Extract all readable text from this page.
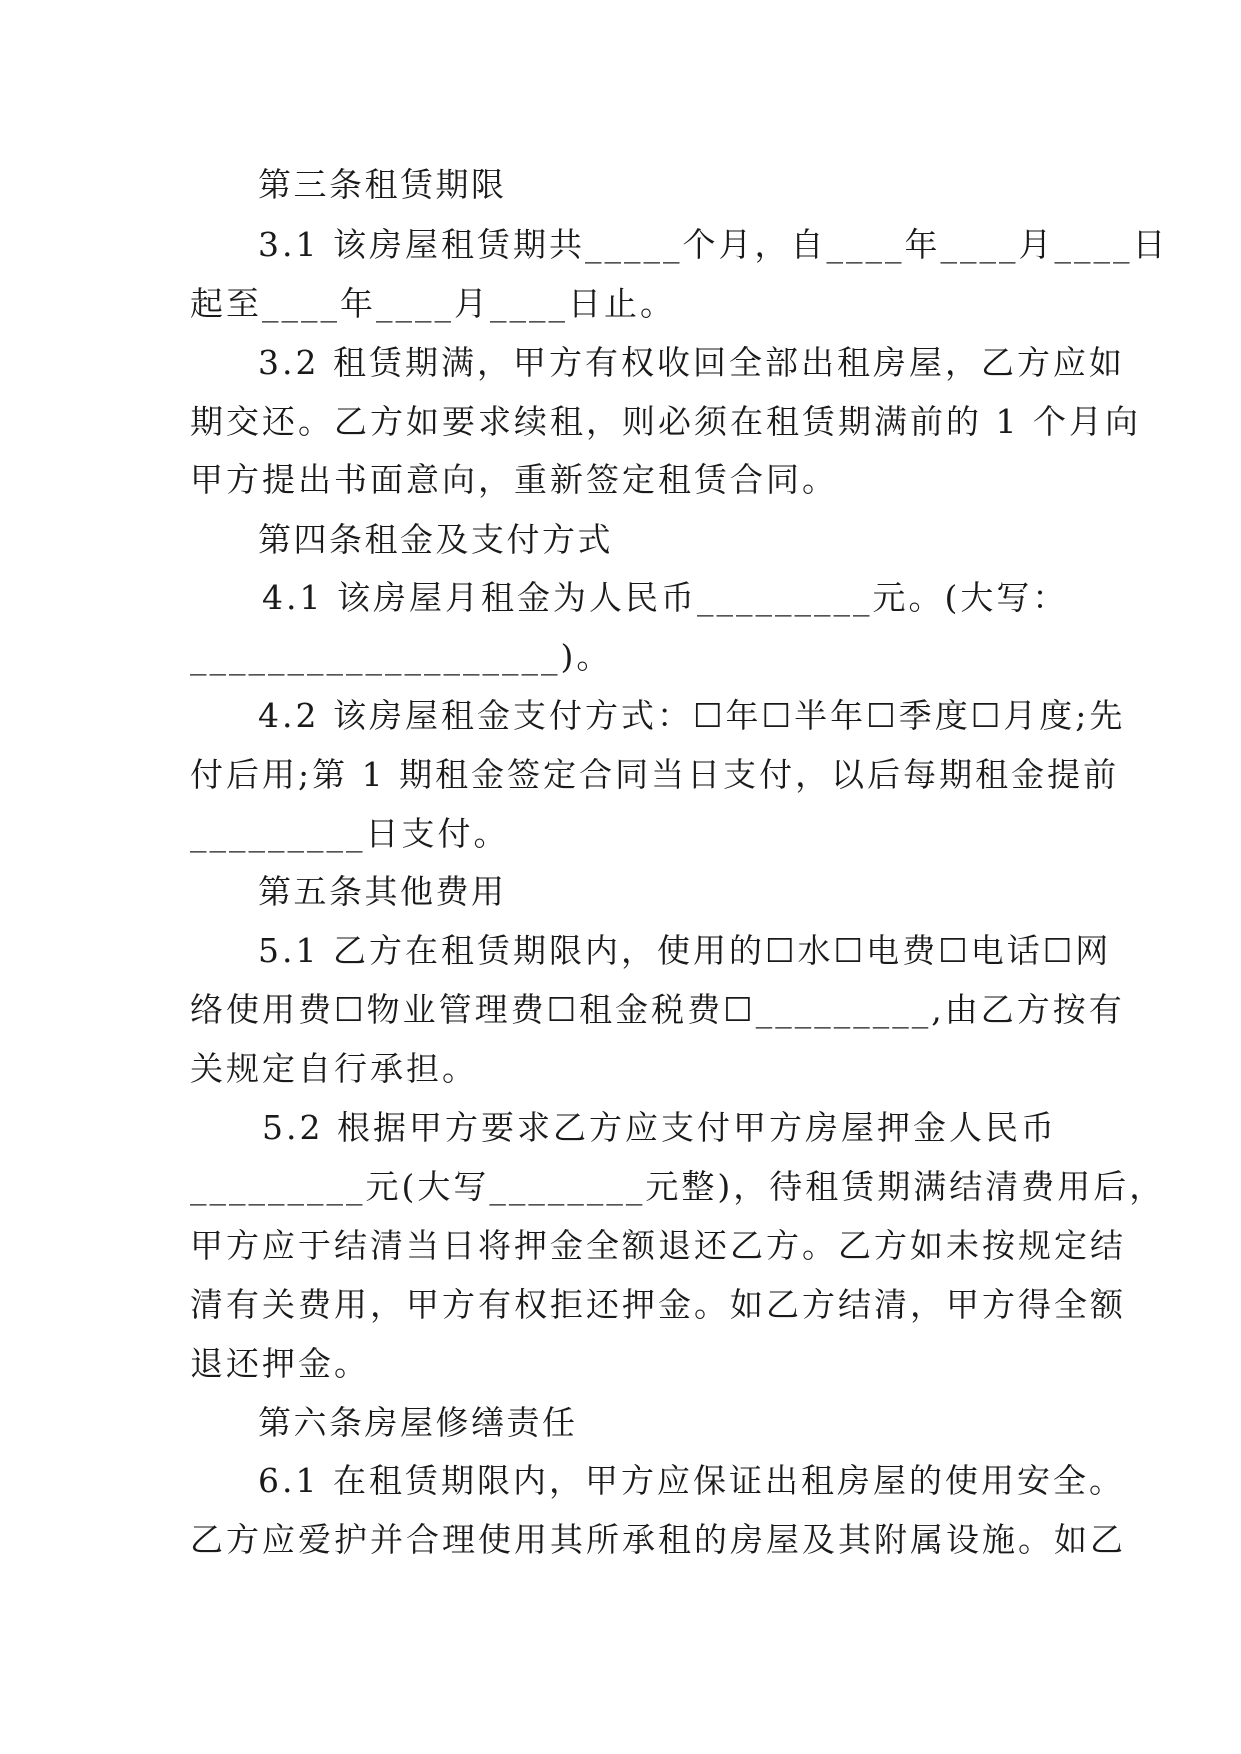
第三条租赁期限
3.1 该房屋租赁期共_____个月，自____年____月____日
起至____年____月____日止。
3.2 租赁期满，甲方有权收回全部出租房屋，乙方应如
期交还。乙方如要求续租，则必须在租赁期满前的 1 个月向
甲方提出书面意向，重新签定租赁合同。
第四条租金及支付方式
4.1 该房屋月租金为人民币_________元。(大写：
___________________)。
4.2 该房屋租金支付方式：☐年☐半年☐季度☐月度;先
付后用;第 1 期租金签定合同当日支付，以后每期租金提前
_________日支付。
第五条其他费用
5.1 乙方在租赁期限内，使用的☐水☐电费☐电话☐网
络使用费☐物业管理费☐租金税费☐_________,由乙方按有
关规定自行承担。
5.2 根据甲方要求乙方应支付甲方房屋押金人民币
_________元(大写________元整)，待租赁期满结清费用后，
甲方应于结清当日将押金全额退还乙方。乙方如未按规定结
清有关费用，甲方有权拒还押金。如乙方结清，甲方得全额
退还押金。
第六条房屋修缮责任
6.1 在租赁期限内，甲方应保证出租房屋的使用安全。
乙方应爱护并合理使用其所承租的房屋及其附属设施。如乙
